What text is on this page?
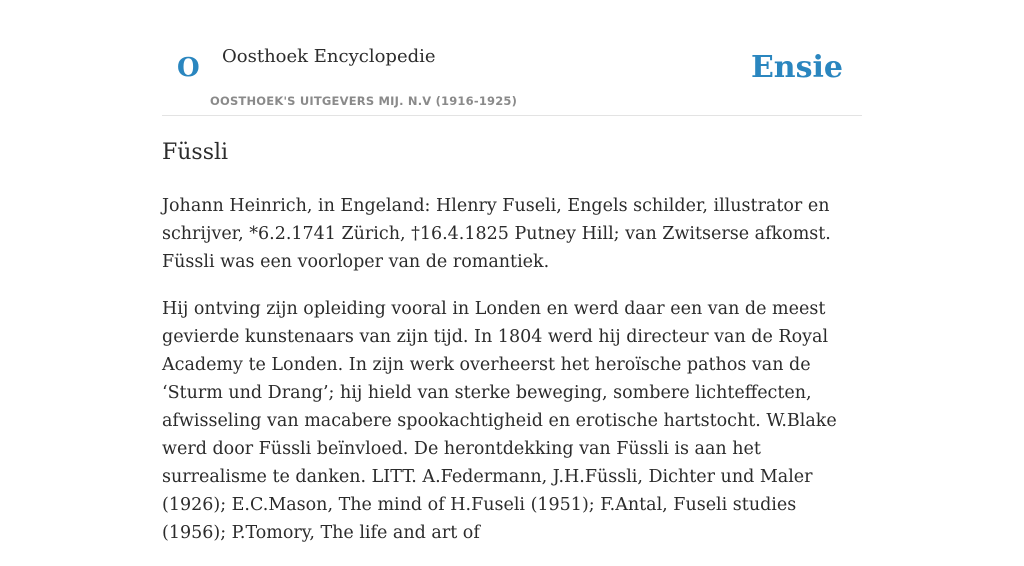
O Oosthoek Encyclopedie
OOSTHOEK'S UITGEVERS MIJ. N.V (1916-1925)
Ensie
Füssli

Johann Heinrich, in Engeland: Hlenry Fuseli, Engels schilder, illustrator en schrijver, *6.2.1741 Zürich, †16.4.1825 Putney Hill; van Zwitserse afkomst. Füssli was een voorloper van de romantiek.

Hij ontving zijn opleiding vooral in Londen en werd daar een van de meest gevierde kunstenaars van zijn tijd. In 1804 werd hij directeur van de Royal Academy te Londen. In zijn werk overheerst het heroïsche pathos van de ‘Sturm und Drang’; hij hield van sterke beweging, sombere lichteffecten, afwisseling van macabere spookachtigheid en erotische hartstocht. W.Blake werd door Füssli beïnvloed. De herontdekking van Füssli is aan het surrealisme te danken. LITT. A.Federmann, J.H.Füssli, Dichter und Maler (1926); E.C.Mason, The mind of H.Fuseli (1951); F.Antal, Fuseli studies (1956); P.Tomory, The life and art of
